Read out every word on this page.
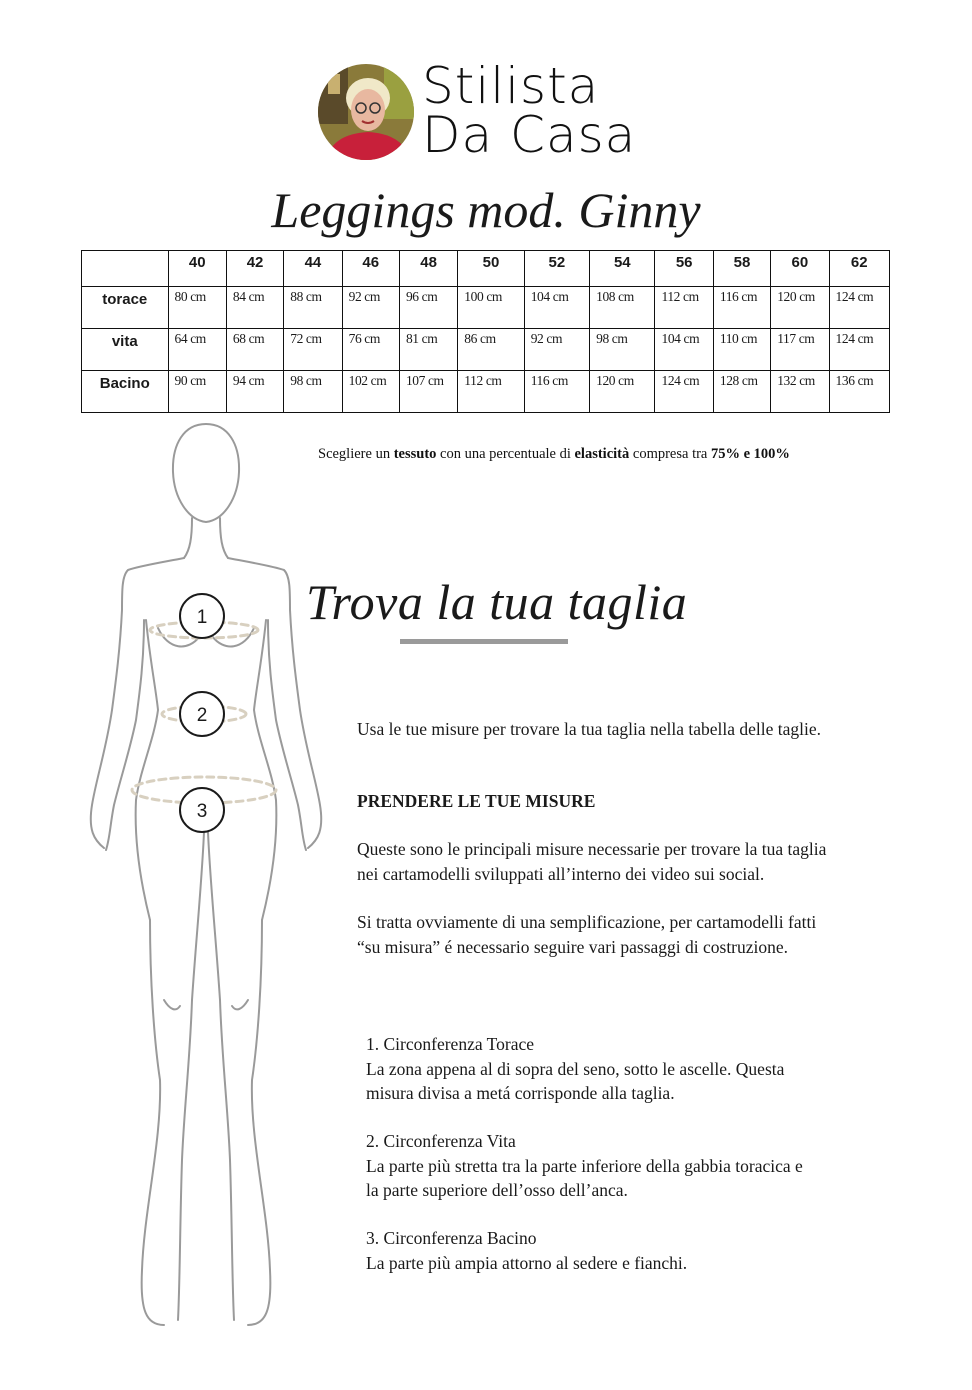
Stilista
Da Casa
Leggings mod. Ginny
	40	42	44	46	48	50	52	54	56	58	60	62
torace	80 cm	84 cm	88 cm	92 cm	96 cm	100 cm	104 cm	108 cm	112 cm	116 cm	120 cm	124 cm
vita	64 cm	68 cm	72 cm	76 cm	81 cm	86 cm	92 cm	98 cm	104 cm	110 cm	117 cm	124 cm
Bacino	90 cm	94 cm	98 cm	102 cm	107 cm	112 cm	116 cm	120 cm	124 cm	128 cm	132 cm	136 cm
Scegliere un tessuto con una percentuale di elasticità compresa tra 75% e 100%
1
2
3
Trova la tua taglia
Usa le tue misure per trovare la tua taglia nella tabella delle taglie.
PRENDERE LE TUE MISURE
Queste sono le principali misure necessarie per trovare la tua taglia
nei cartamodelli sviluppati all’interno dei video sui social.
Si tratta ovviamente di una semplificazione, per cartamodelli fatti
“su misura” é necessario seguire vari passaggi di costruzione.
1. Circonferenza Torace
La zona appena al di sopra del seno, sotto le ascelle. Questa
misura divisa a metá corrisponde alla taglia.
2. Circonferenza Vita
La parte più stretta tra la parte inferiore della gabbia toracica e
la parte superiore dell’osso dell’anca.
3. Circonferenza Bacino
La parte più ampia attorno al sedere e fianchi.
